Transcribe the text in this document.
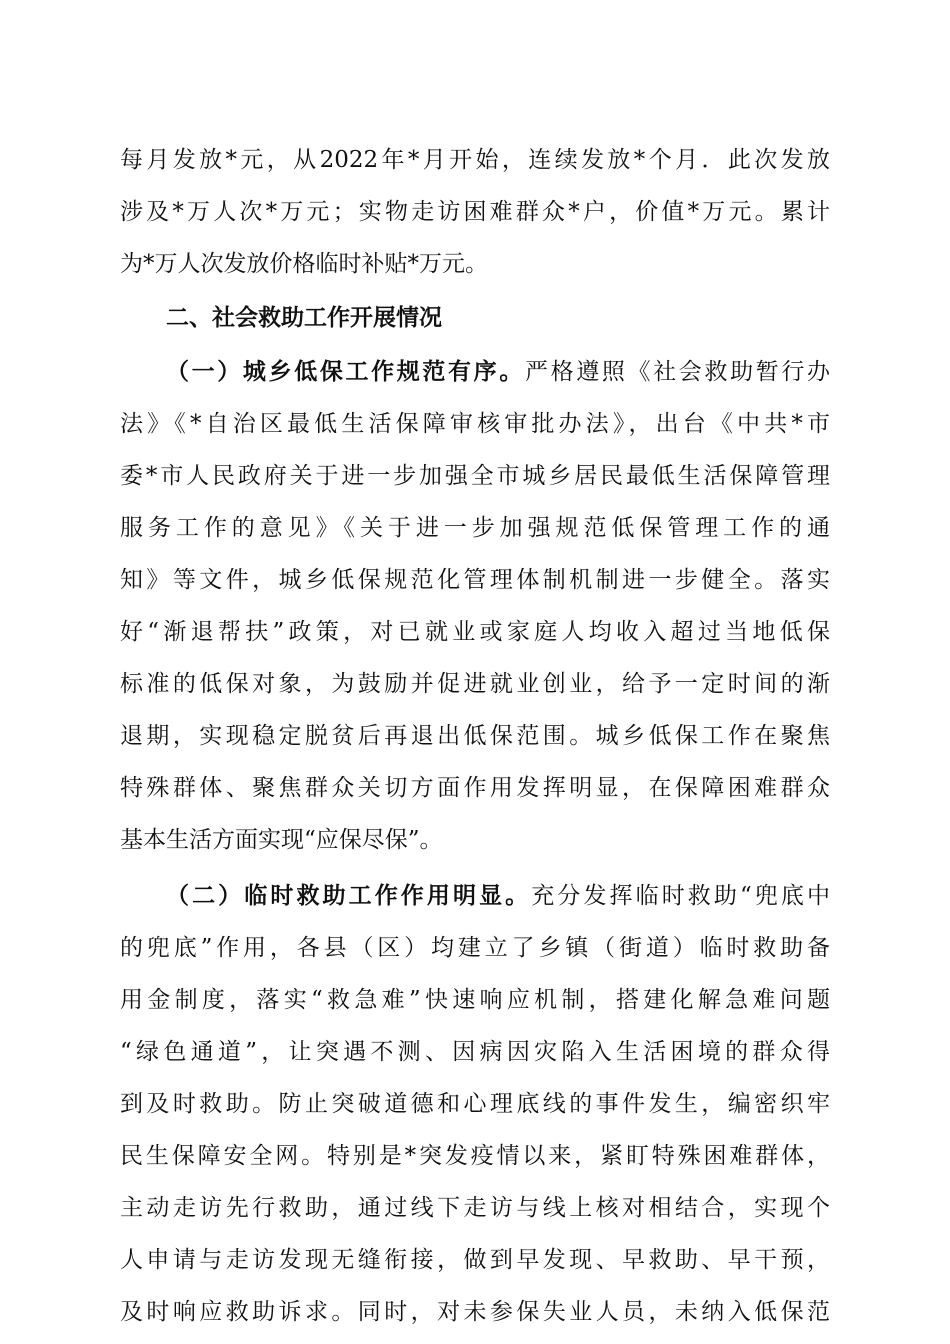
每月发放*元，从2022年*月开始，连续发放*个月．此次发放
涉及*万人次*万元；实物走访困难群众*户，价值*万元。累计
为*万人次发放价格临时补贴*万元。
二、社会救助工作开展情况
（一）城乡低保工作规范有序。严格遵照《社会救助暂行办
法》《*自治区最低生活保障审核审批办法》，出台《中共*市
委*市人民政府关于进一步加强全市城乡居民最低生活保障管理
服务工作的意见》《关于进一步加强规范低保管理工作的通
知》等文件，城乡低保规范化管理体制机制进一步健全。落实
好“渐退帮扶”政策，对已就业或家庭人均收入超过当地低保
标准的低保对象，为鼓励并促进就业创业，给予一定时间的渐
退期，实现稳定脱贫后再退出低保范围。城乡低保工作在聚焦
特殊群体、聚焦群众关切方面作用发挥明显，在保障困难群众
基本生活方面实现“应保尽保”。
（二）临时救助工作作用明显。充分发挥临时救助“兜底中
的兜底”作用，各县（区）均建立了乡镇（街道）临时救助备
用金制度，落实“救急难”快速响应机制，搭建化解急难问题
“绿色通道”，让突遇不测、因病因灾陷入生活困境的群众得
到及时救助。防止突破道德和心理底线的事件发生，编密织牢
民生保障安全网。特别是*突发疫情以来，紧盯特殊困难群体，
主动走访先行救助，通过线下走访与线上核对相结合，实现个
人申请与走访发现无缝衔接，做到早发现、早救助、早干预，
及时响应救助诉求。同时，对未参保失业人员，未纳入低保范
